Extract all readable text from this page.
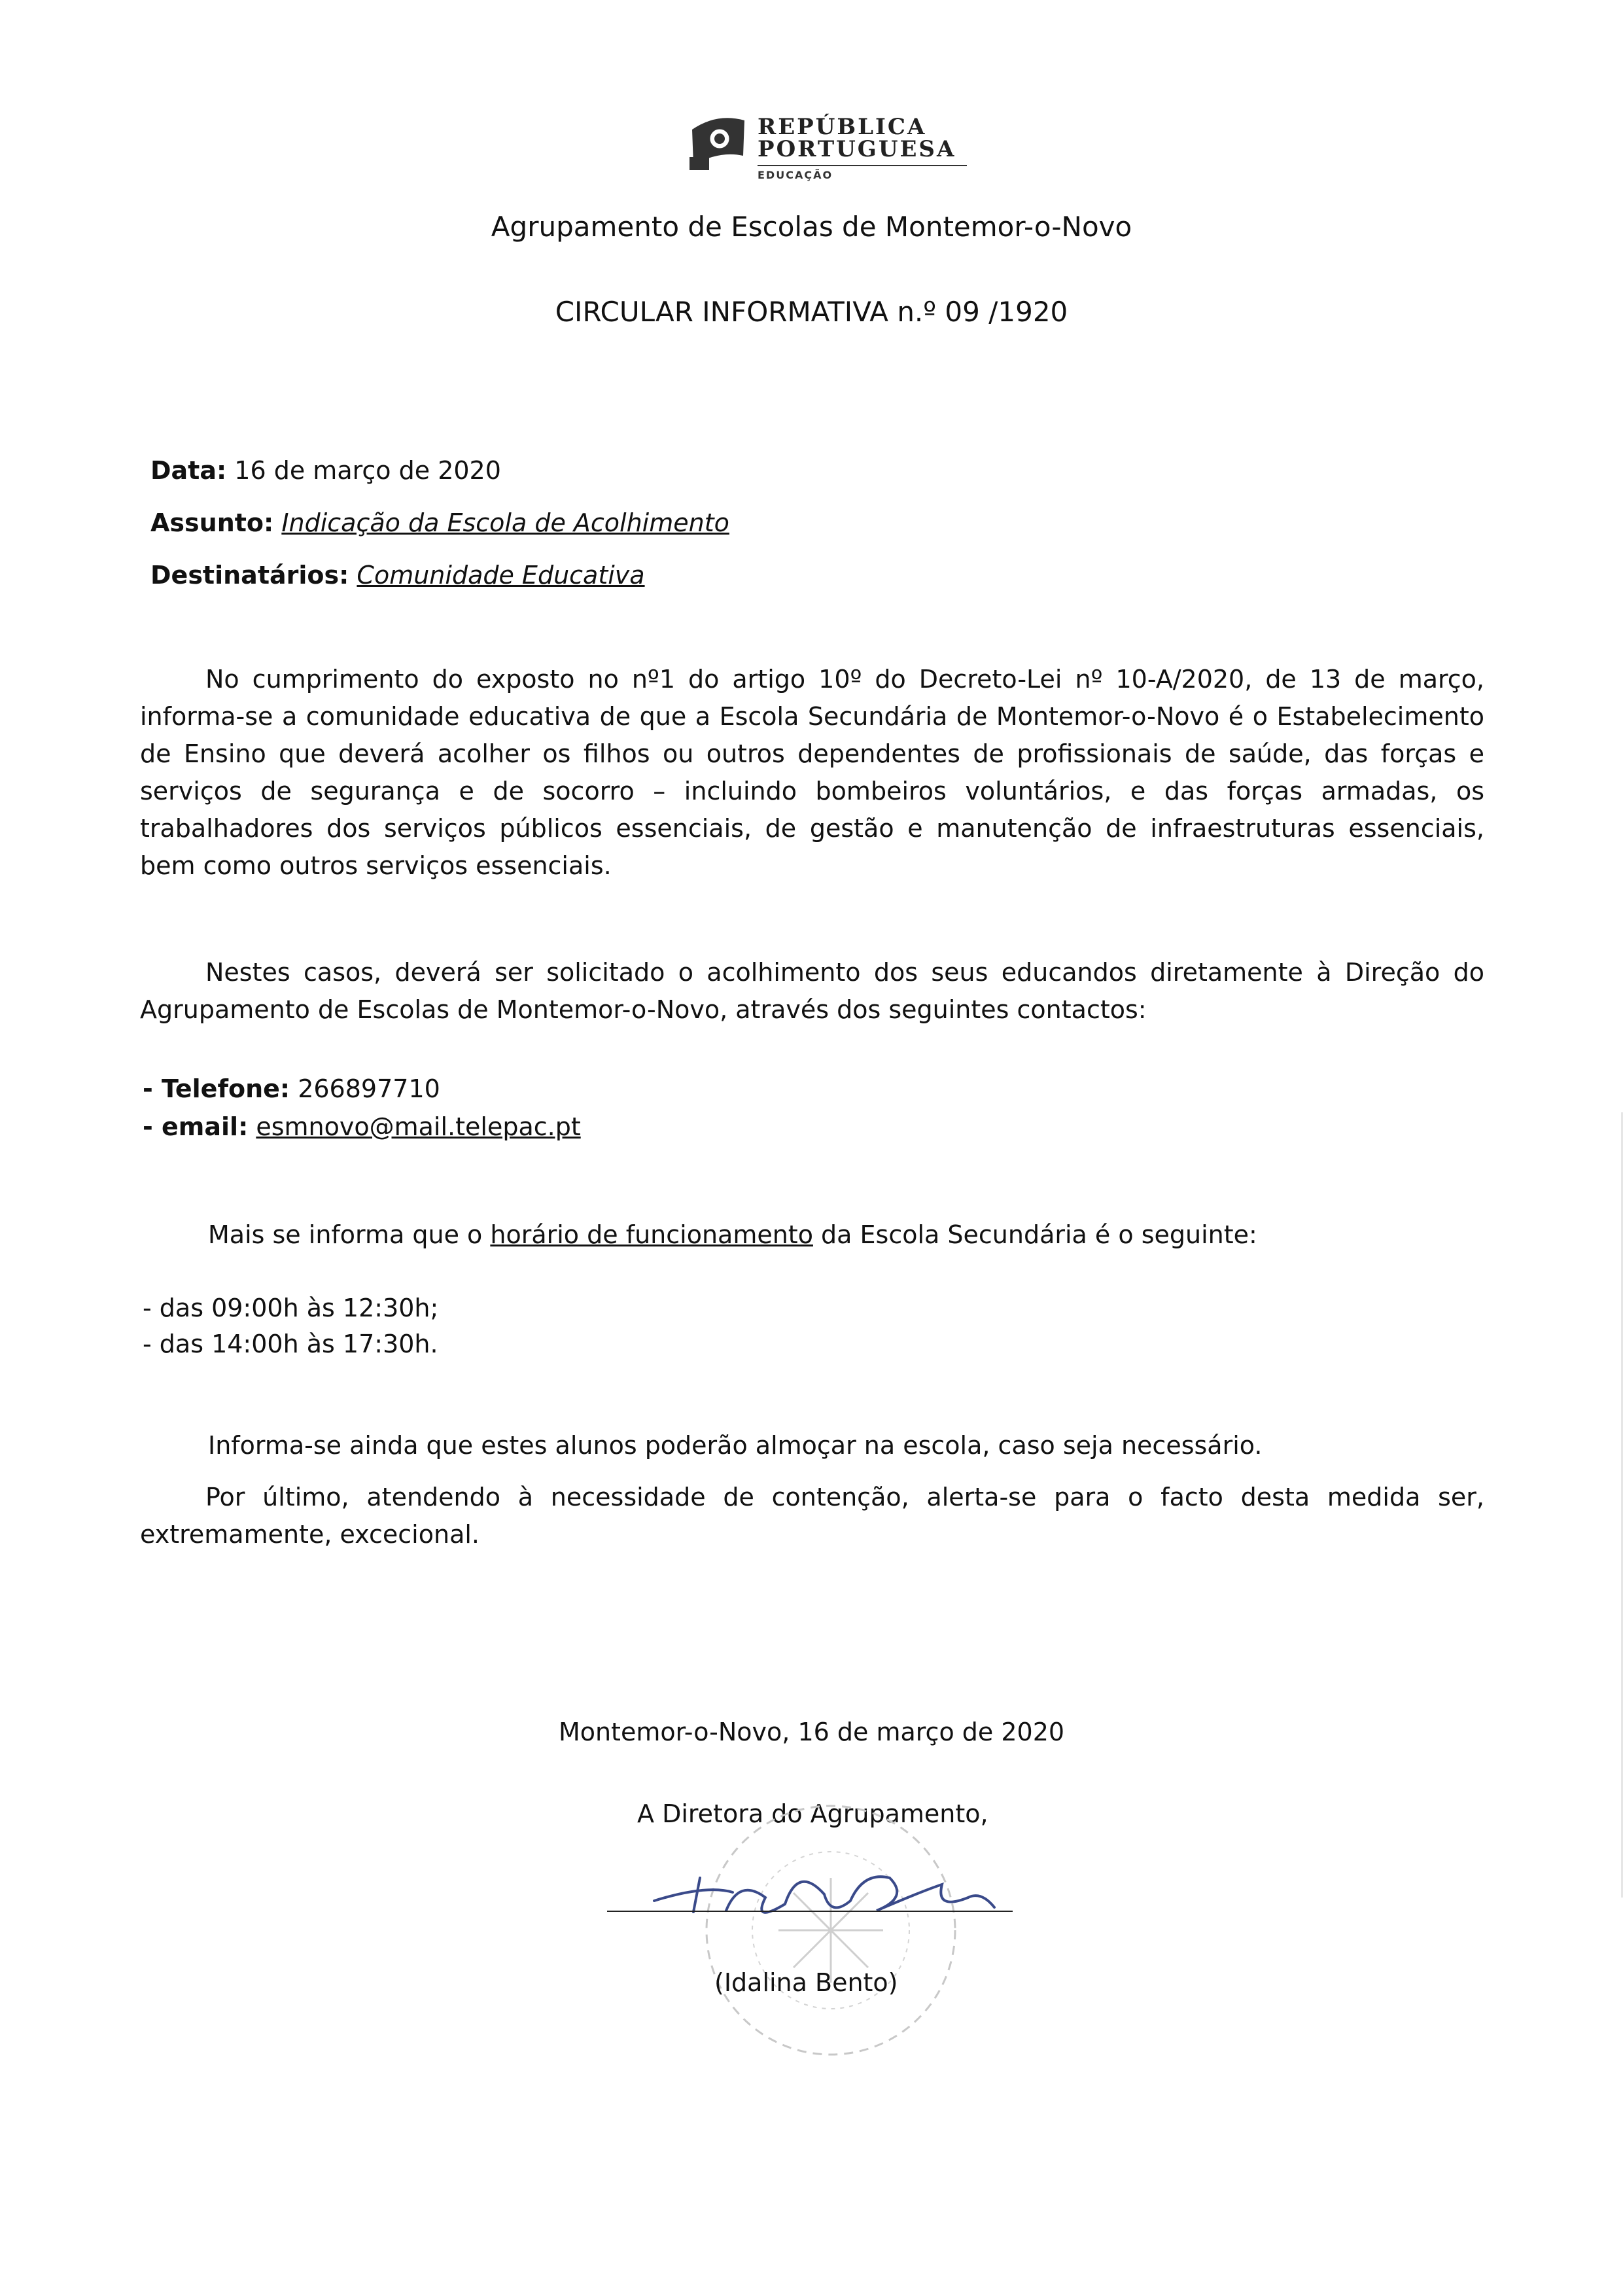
REPÚBLICA
PORTUGUESA
EDUCAÇÃO
Agrupamento de Escolas de Montemor-o-Novo
CIRCULAR INFORMATIVA n.º 09 /1920
Data: 16 de março de 2020
Assunto: Indicação da Escola de Acolhimento
Destinatários: Comunidade Educativa
No cumprimento do exposto no nº1 do artigo 10º do Decreto-Lei nº 10-A/2020, de 13 de março, informa-se a comunidade educativa de que a Escola Secundária de Montemor-o-Novo é o Estabelecimento de Ensino que deverá acolher os filhos ou outros dependentes de profissionais de saúde, das forças e serviços de segurança e de socorro – incluindo bombeiros voluntários, e das forças armadas, os trabalhadores dos serviços públicos essenciais, de gestão e manutenção de infraestruturas essenciais, bem como outros serviços essenciais.
Nestes casos, deverá ser solicitado o acolhimento dos seus educandos diretamente à Direção do Agrupamento de Escolas de Montemor-o-Novo, através dos seguintes contactos:
- Telefone: 266897710
- email: esmnovo@mail.telepac.pt
Mais se informa que o horário de funcionamento da Escola Secundária é o seguinte:
- das 09:00h às 12:30h;
- das 14:00h às 17:30h.
Informa-se ainda que estes alunos poderão almoçar na escola, caso seja necessário.
Por último, atendendo à necessidade de contenção, alerta-se para o facto desta medida ser, extremamente, excecional.
Montemor-o-Novo, 16 de março de 2020
A Diretora do Agrupamento,
(Idalina Bento)
